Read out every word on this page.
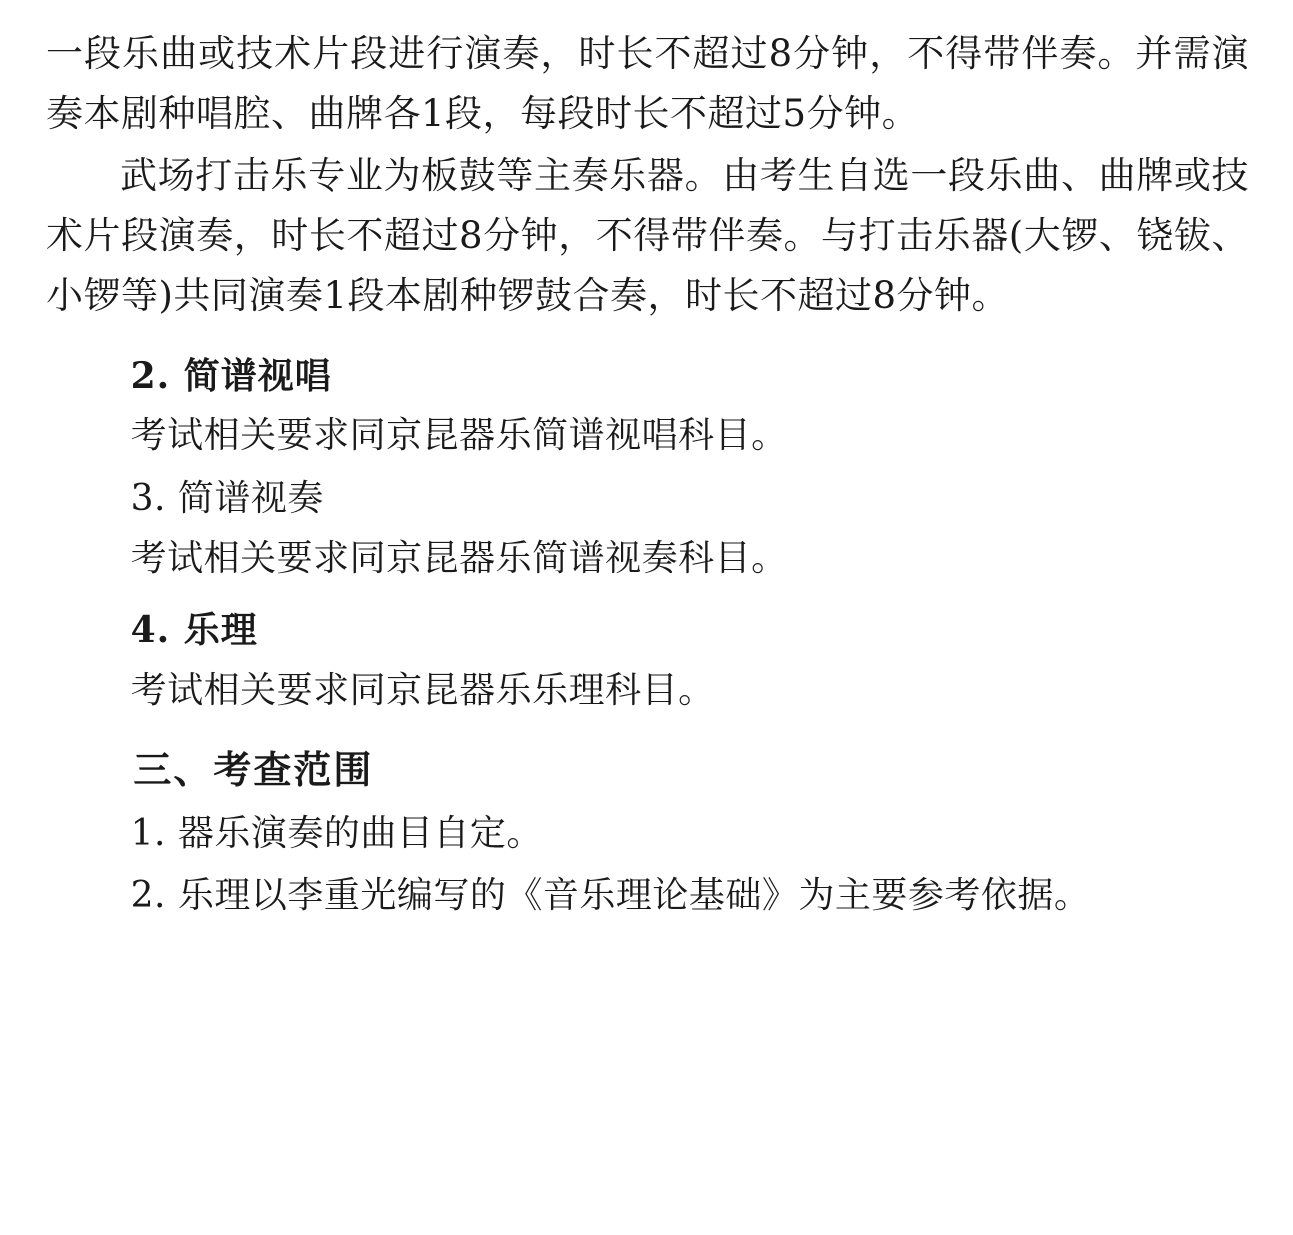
一段乐曲或技术片段进行演奏，时长不超过8分钟，不得带伴奏。并需演奏本剧种唱腔、曲牌各1段，每段时长不超过5分钟。

武场打击乐专业为板鼓等主奏乐器。由考生自选一段乐曲、曲牌或技术片段演奏，时长不超过8分钟，不得带伴奏。与打击乐器(大锣、铙钹、小锣等)共同演奏1段本剧种锣鼓合奏，时长不超过8分钟。

2. 简谱视唱

考试相关要求同京昆器乐简谱视唱科目。

3. 简谱视奏

考试相关要求同京昆器乐简谱视奏科目。

4. 乐理

考试相关要求同京昆器乐乐理科目。

三、考查范围

1. 器乐演奏的曲目自定。

2. 乐理以李重光编写的《音乐理论基础》为主要参考依据。
